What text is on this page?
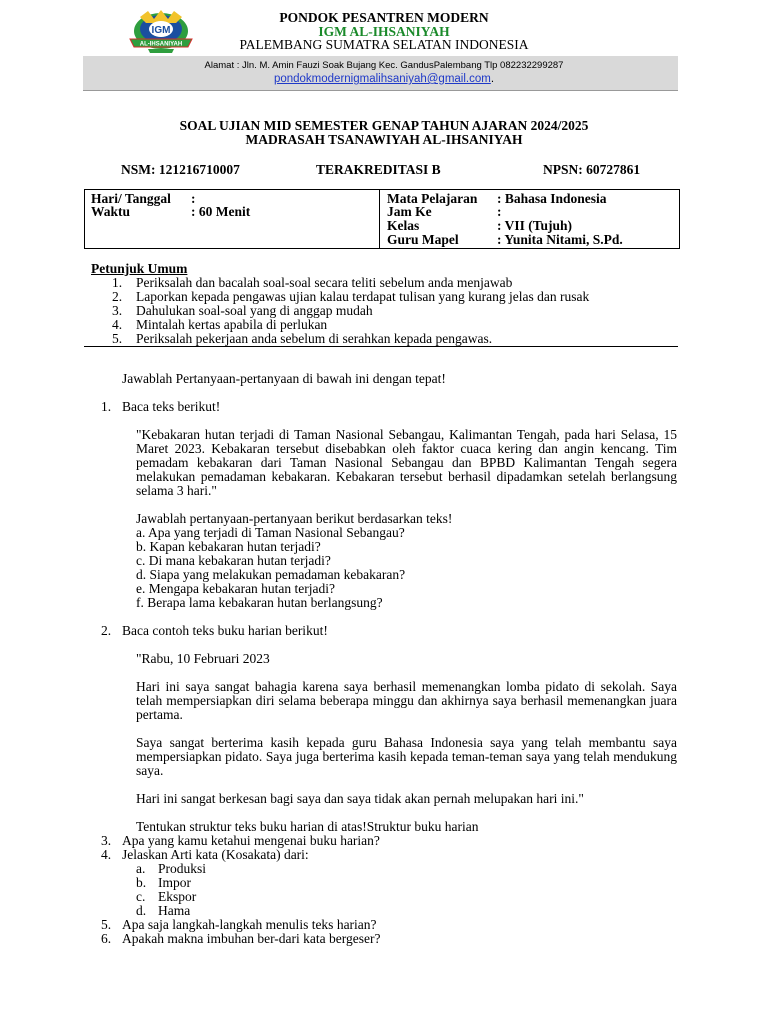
IGM
AL-IHSANIYAH
PONDOK PESANTREN MODERN
IGM AL-IHSANIYAH
PALEMBANG SUMATRA SELATAN INDONESIA
Alamat : Jln. M. Amin Fauzi Soak Bujang Kec. GandusPalembang Tlp 082232299287
pondokmodernigmalihsaniyah@gmail.com.
SOAL UJIAN MID SEMESTER GENAP TAHUN AJARAN 2024/2025
MADRASAH TSANAWIYAH AL-IHSANIYAH
NSM: 121216710007	TERAKREDITASI B	NPSN: 60727861
Hari/ Tanggal :
Waktu	: 60 Menit
Mata Pelajaran : Bahasa Indonesia
Jam Ke	:
Kelas	: VII (Tujuh)
Guru Mapel	: Yunita Nitami, S.Pd.
Petunjuk Umum
1. Periksalah dan bacalah soal-soal secara teliti sebelum anda menjawab
2. Laporkan kepada pengawas ujian kalau terdapat tulisan yang kurang jelas dan rusak
3. Dahulukan soal-soal yang di anggap mudah
4. Mintalah kertas apabila di perlukan
5. Periksalah pekerjaan anda sebelum di serahkan kepada pengawas.
Jawablah Pertanyaan-pertanyaan di bawah ini dengan tepat!
1. Baca teks berikut!
"Kebakaran hutan terjadi di Taman Nasional Sebangau, Kalimantan Tengah, pada hari Selasa, 15 Maret 2023. Kebakaran tersebut disebabkan oleh faktor cuaca kering dan angin kencang. Tim pemadam kebakaran dari Taman Nasional Sebangau dan BPBD Kalimantan Tengah segera melakukan pemadaman kebakaran. Kebakaran tersebut berhasil dipadamkan setelah berlangsung selama 3 hari."
Jawablah pertanyaan-pertanyaan berikut berdasarkan teks!
a. Apa yang terjadi di Taman Nasional Sebangau?
b. Kapan kebakaran hutan terjadi?
c. Di mana kebakaran hutan terjadi?
d. Siapa yang melakukan pemadaman kebakaran?
e. Mengapa kebakaran hutan terjadi?
f. Berapa lama kebakaran hutan berlangsung?
2. Baca contoh teks buku harian berikut!
"Rabu, 10 Februari 2023
Hari ini saya sangat bahagia karena saya berhasil memenangkan lomba pidato di sekolah. Saya telah mempersiapkan diri selama beberapa minggu dan akhirnya saya berhasil memenangkan juara pertama.
Saya sangat berterima kasih kepada guru Bahasa Indonesia saya yang telah membantu saya mempersiapkan pidato. Saya juga berterima kasih kepada teman-teman saya yang telah mendukung saya.
Hari ini sangat berkesan bagi saya dan saya tidak akan pernah melupakan hari ini."
Tentukan struktur teks buku harian di atas!Struktur buku harian
3. Apa yang kamu ketahui mengenai buku harian?
4. Jelaskan Arti kata (Kosakata) dari:
a. Produksi
b. Impor
c. Ekspor
d. Hama
5. Apa saja langkah-langkah menulis teks harian?
6. Apakah makna imbuhan ber-dari kata bergeser?
